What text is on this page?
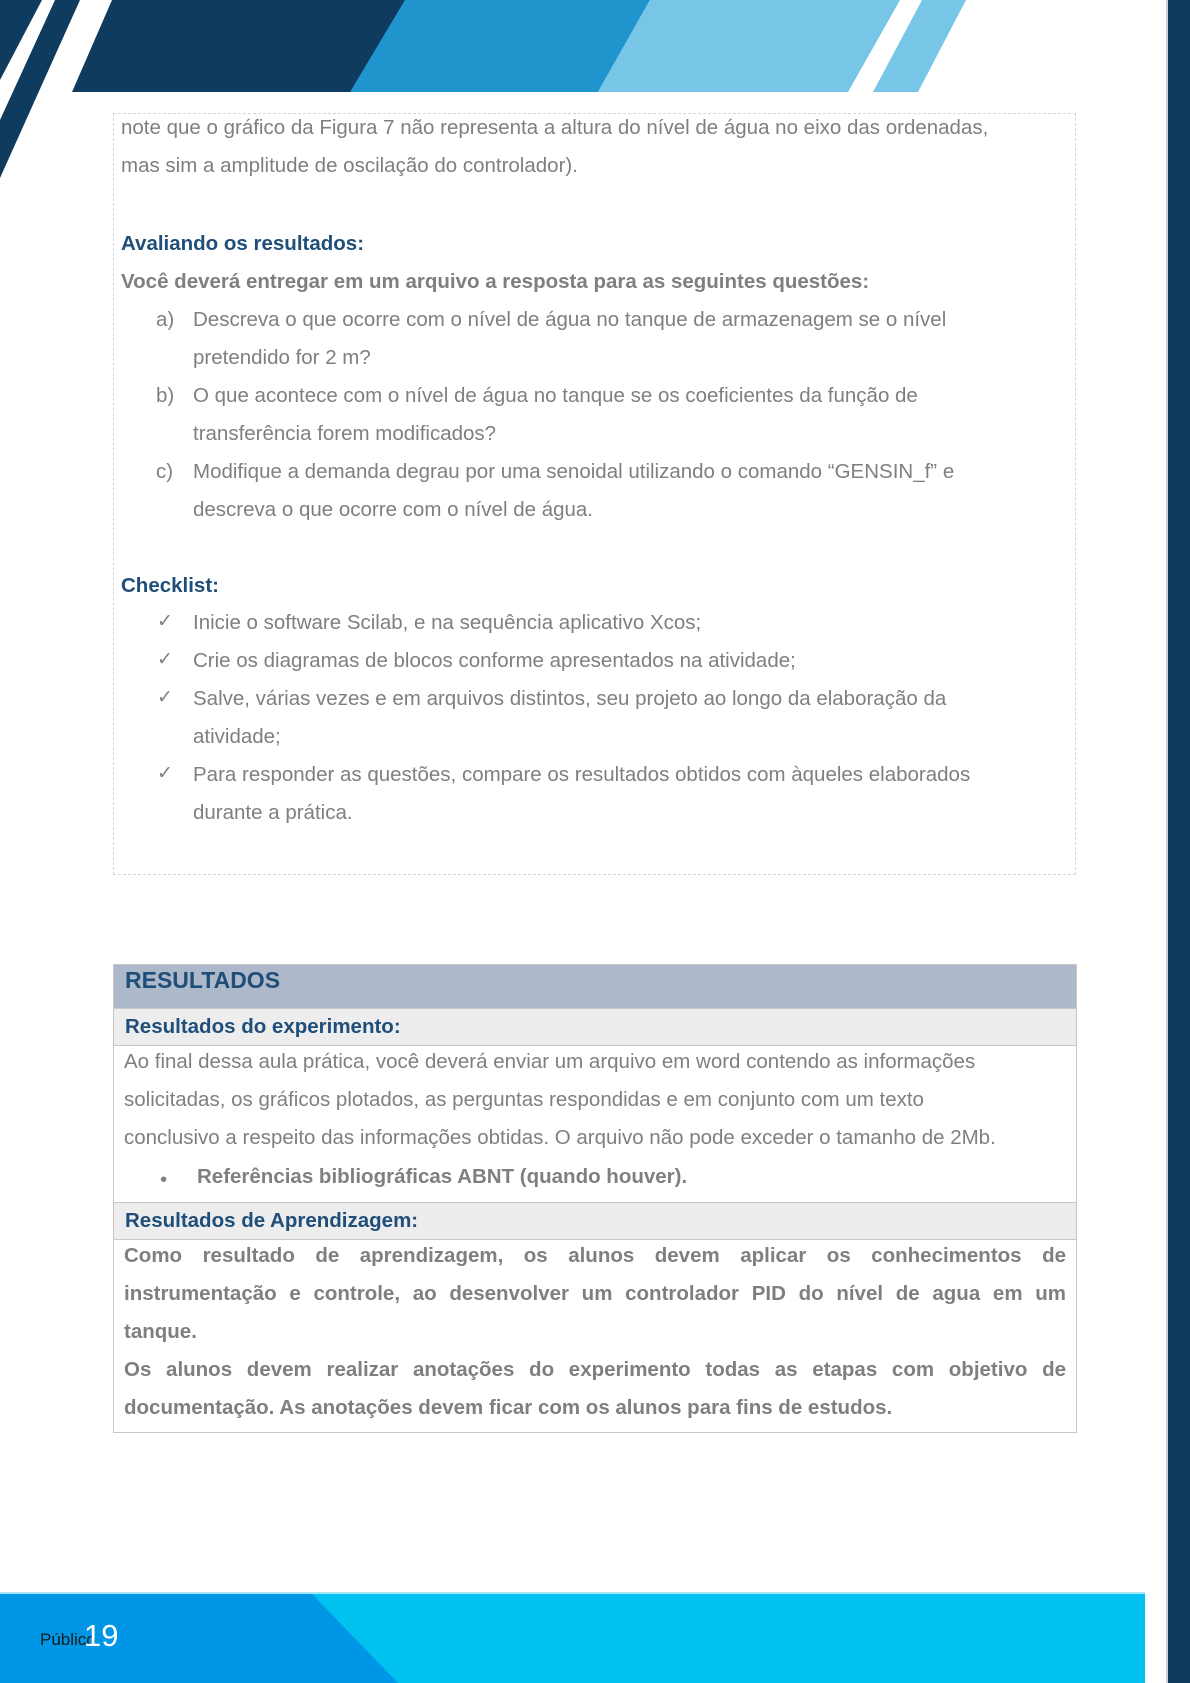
note que o gráfico da Figura 7 não representa a altura do nível de água no eixo das ordenadas,
mas sim a amplitude de oscilação do controlador).
Avaliando os resultados:
Você deverá entregar em um arquivo a resposta para as seguintes questões:
a) Descreva o que ocorre com o nível de água no tanque de armazenagem se o nível
pretendido for 2 m?
b) O que acontece com o nível de água no tanque se os coeficientes da função de
transferência forem modificados?
c) Modifique a demanda degrau por uma senoidal utilizando o comando “GENSIN_f” e
descreva o que ocorre com o nível de água.
Checklist:
✓ Inicie o software Scilab, e na sequência aplicativo Xcos;
✓ Crie os diagramas de blocos conforme apresentados na atividade;
✓ Salve, várias vezes e em arquivos distintos, seu projeto ao longo da elaboração da
atividade;
✓ Para responder as questões, compare os resultados obtidos com àqueles elaborados
durante a prática.
RESULTADOS
Resultados do experimento:
Resultados de Aprendizagem:
Ao final dessa aula prática, você deverá enviar um arquivo em word contendo as informações
solicitadas, os gráficos plotados, as perguntas respondidas e em conjunto com um texto
conclusivo a respeito das informações obtidas. O arquivo não pode exceder o tamanho de 2Mb.
• Referências bibliográficas ABNT (quando houver).
Como resultado de aprendizagem, os alunos devem aplicar os conhecimentos de
instrumentação e controle, ao desenvolver um controlador PID do nível de agua em um
tanque.
Os alunos devem realizar anotações do experimento todas as etapas com objetivo de
documentação. As anotações devem ficar com os alunos para fins de estudos.
Público
19
